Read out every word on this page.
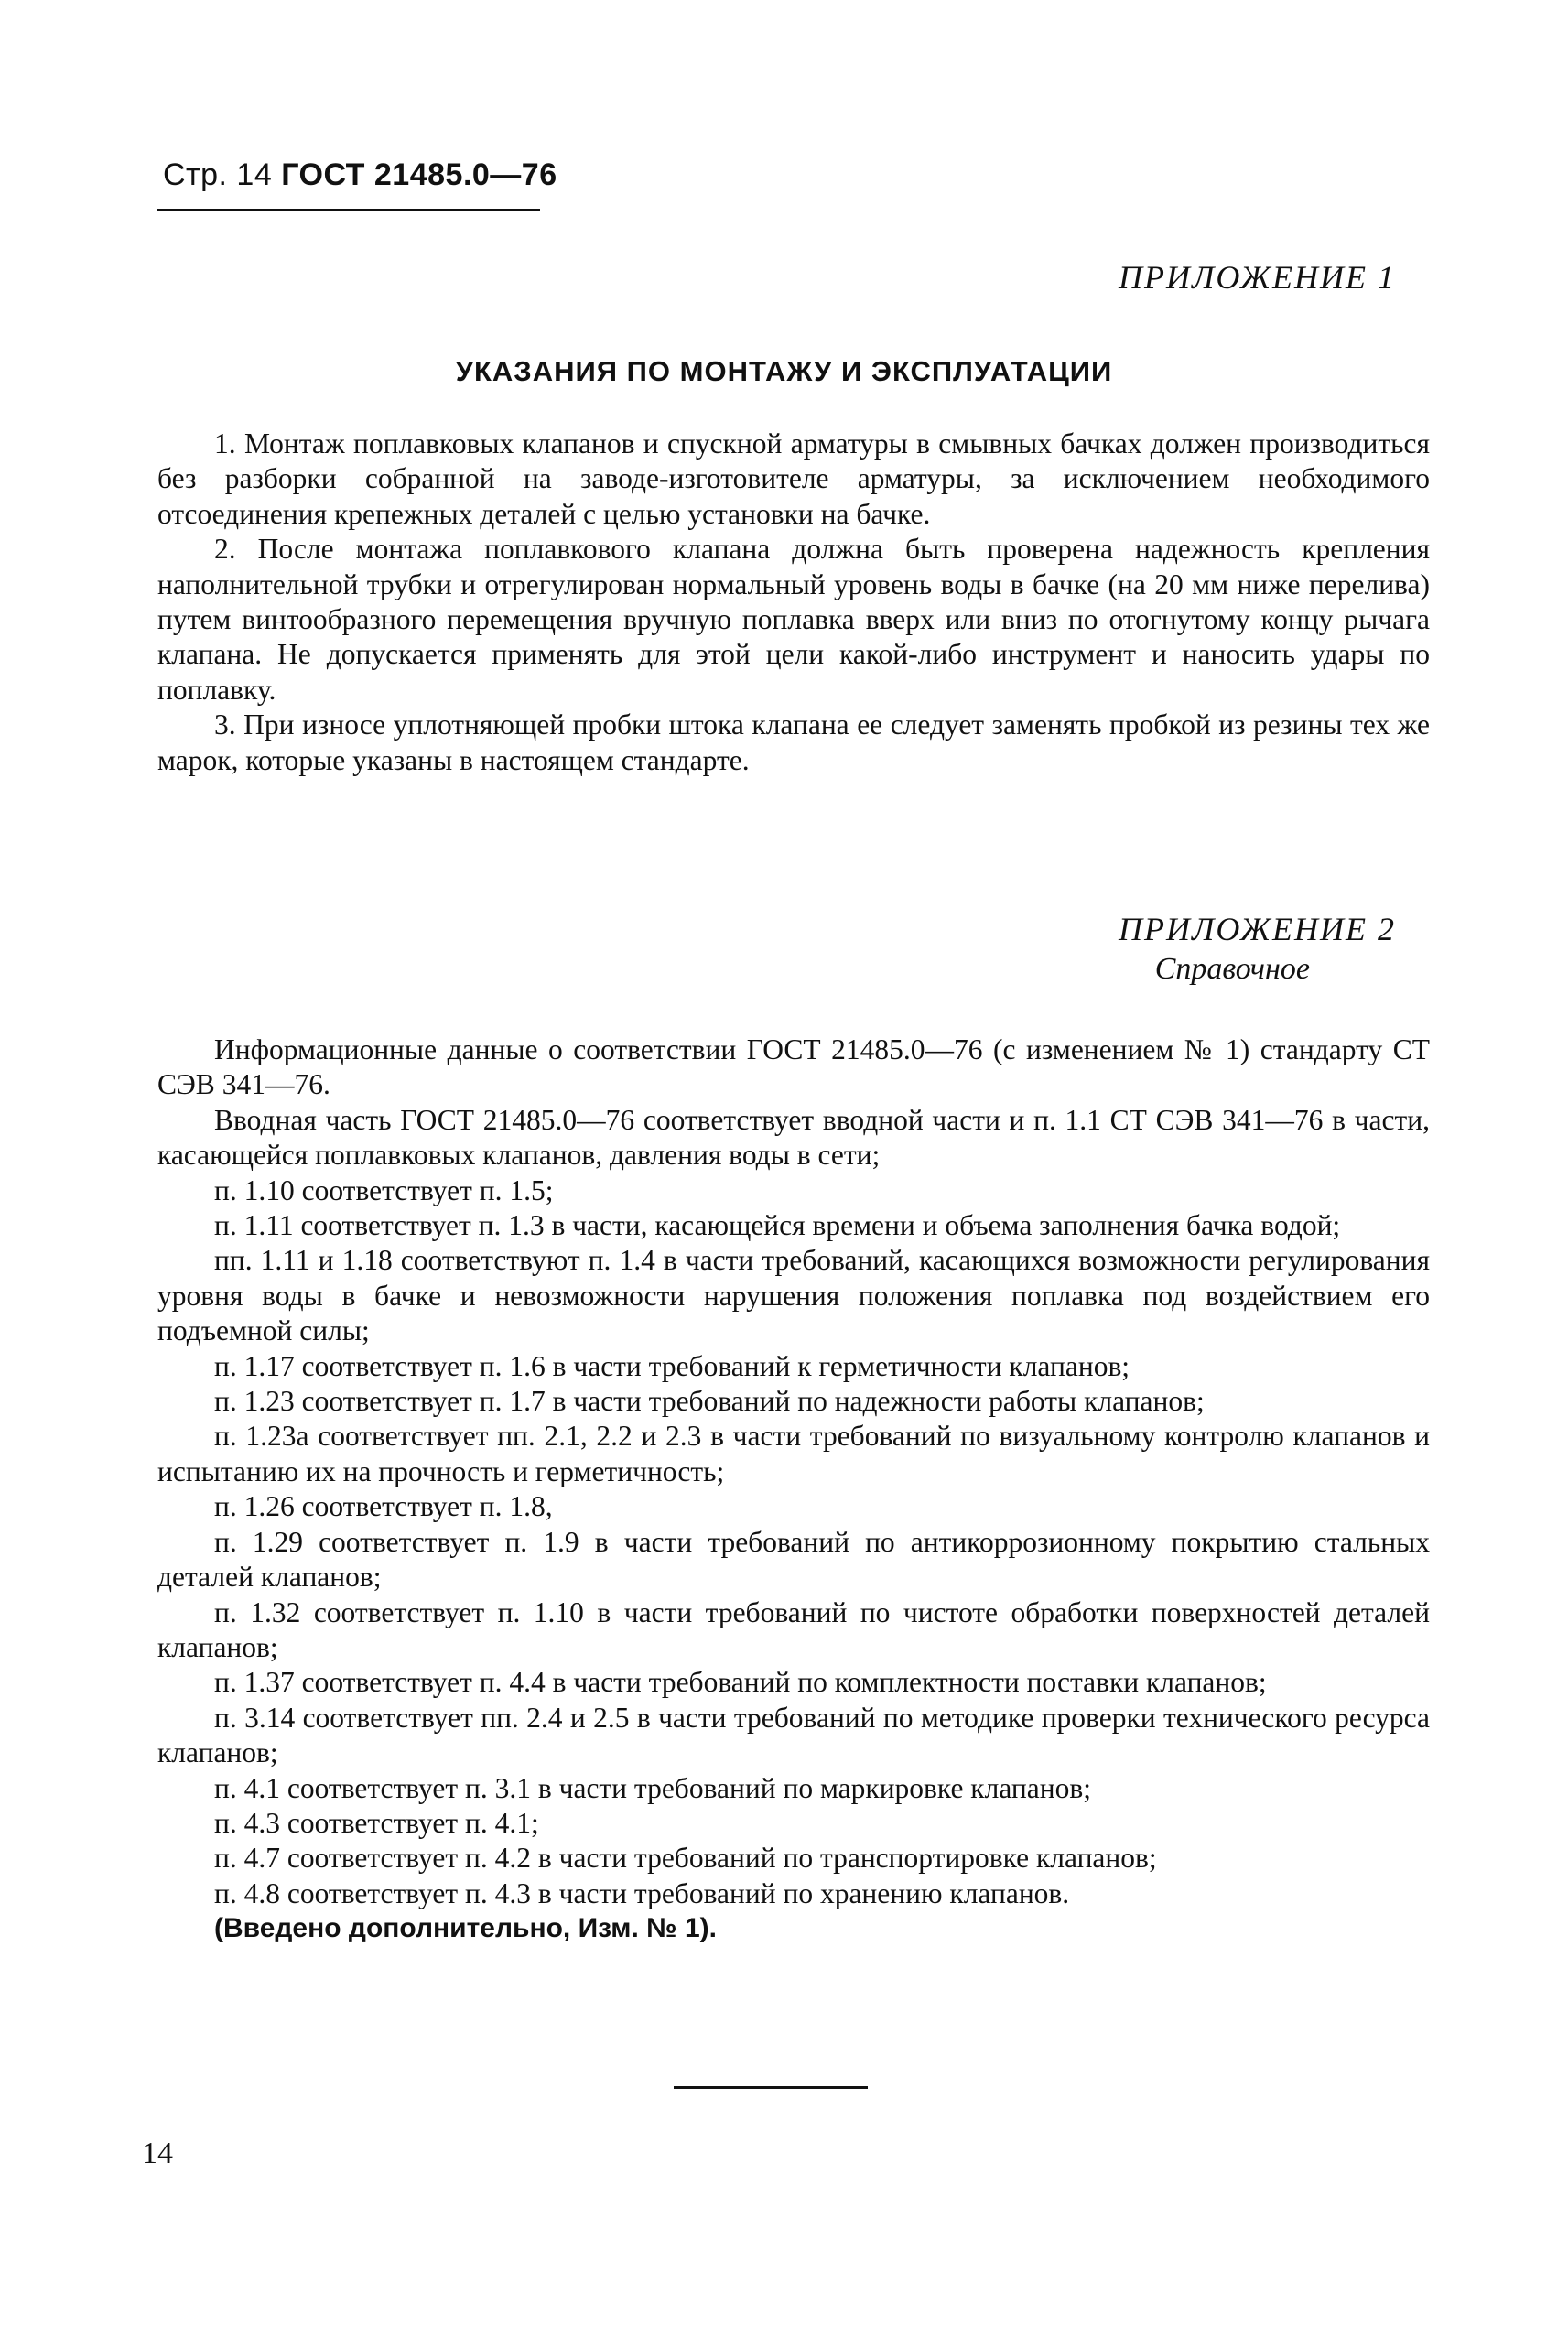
Стр. 14 ГОСТ 21485.0—76
ПРИЛОЖЕНИЕ 1
УКАЗАНИЯ ПО МОНТАЖУ И ЭКСПЛУАТАЦИИ

1. Монтаж поплавковых клапанов и спускной арматуры в смывных бачках должен производиться без разборки собранной на заводе-изготовителе арматуры, за исключением необходимого отсоединения крепежных деталей с целью установки на бачке.

2. После монтажа поплавкового клапана должна быть проверена надежность крепления наполнительной трубки и отрегулирован нормальный уровень воды в бачке (на 20 мм ниже перелива) путем винтообразного перемещения вручную поплавка вверх или вниз по отогнутому концу рычага клапана. Не допускается применять для этой цели какой-либо инструмент и наносить удары по поплавку.

3. При износе уплотняющей пробки штока клапана ее следует заменять пробкой из резины тех же марок, которые указаны в настоящем стандарте.

ПРИЛОЖЕНИЕ 2
Справочное

Информационные данные о соответствии ГОСТ 21485.0—76 (с изменением № 1) стандарту СТ СЭВ 341—76.

Вводная часть ГОСТ 21485.0—76 соответствует вводной части и п. 1.1 СТ СЭВ 341—76 в части, касающейся поплавковых клапанов, давления воды в сети;

п. 1.10 соответствует п. 1.5;

п. 1.11 соответствует п. 1.3 в части, касающейся времени и объема заполнения бачка водой;

пп. 1.11 и 1.18 соответствуют п. 1.4 в части требований, касающихся возможности регулирования уровня воды в бачке и невозможности нарушения положения поплавка под воздействием его подъемной силы;

п. 1.17 соответствует п. 1.6 в части требований к герметичности клапанов;

п. 1.23 соответствует п. 1.7 в части требований по надежности работы клапанов;

п. 1.23а соответствует пп. 2.1, 2.2 и 2.3 в части требований по визуальному контролю клапанов и испытанию их на прочность и герметичность;

п. 1.26 соответствует п. 1.8,

п. 1.29 соответствует п. 1.9 в части требований по антикоррозионному покрытию стальных деталей клапанов;

п. 1.32 соответствует п. 1.10 в части требований по чистоте обработки поверхностей деталей клапанов;

п. 1.37 соответствует п. 4.4 в части требований по комплектности поставки клапанов;

п. 3.14 соответствует пп. 2.4 и 2.5 в части требований по методике проверки технического ресурса клапанов;

п. 4.1 соответствует п. 3.1 в части требований по маркировке клапанов;

п. 4.3 соответствует п. 4.1;

п. 4.7 соответствует п. 4.2 в части требований по транспортировке клапанов;

п. 4.8 соответствует п. 4.3 в части требований по хранению клапанов.

(Введено дополнительно, Изм. № 1).

14
